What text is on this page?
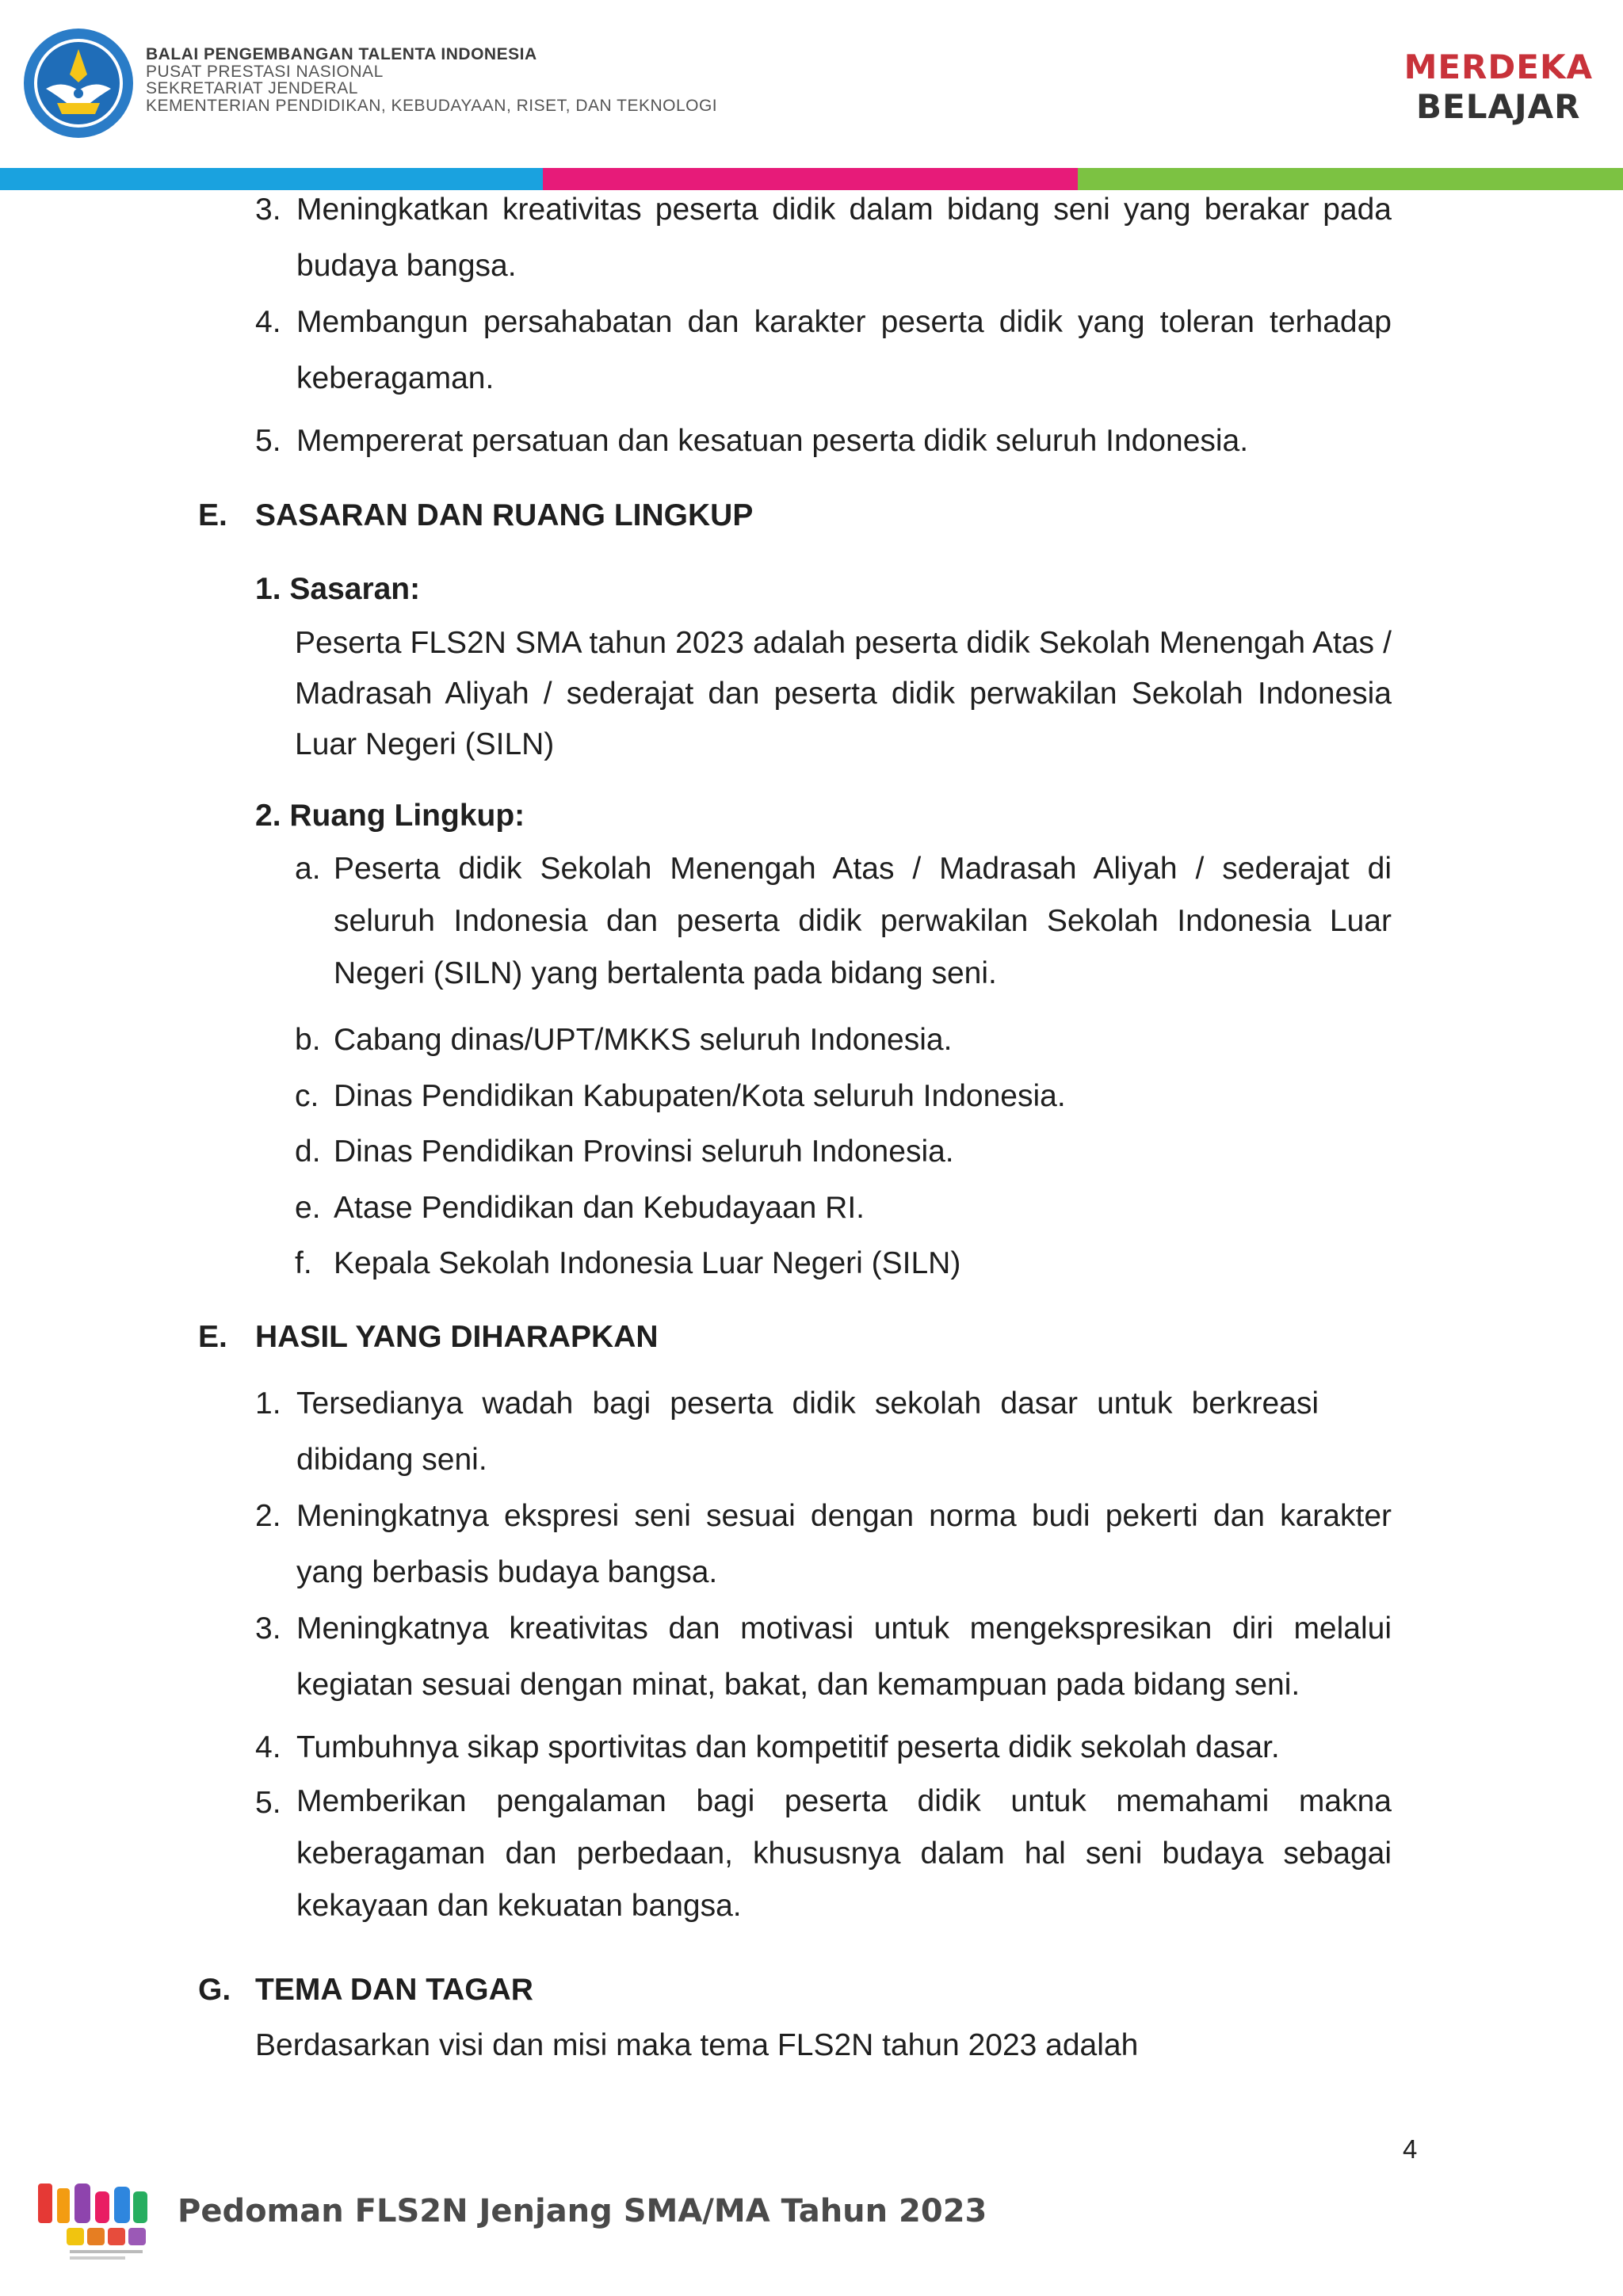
BALAI PENGEMBANGAN TALENTA INDONESIA
PUSAT PRESTASI NASIONAL
SEKRETARIAT JENDERAL
KEMENTERIAN PENDIDIKAN, KEBUDAYAAN, RISET, DAN TEKNOLOGI
MERDEKA
BELAJAR
3. Meningkatkan kreativitas peserta didik dalam bidang seni yang berakar pada budaya bangsa.
4. Membangun persahabatan dan karakter peserta didik yang toleran terhadap keberagaman.
5. Mempererat persatuan dan kesatuan peserta didik seluruh Indonesia.
E. SASARAN DAN RUANG LINGKUP
1. Sasaran:
Peserta FLS2N SMA tahun 2023 adalah peserta didik Sekolah Menengah Atas / Madrasah Aliyah / sederajat dan peserta didik perwakilan Sekolah Indonesia Luar Negeri (SILN)
2. Ruang Lingkup:
a. Peserta didik Sekolah Menengah Atas / Madrasah Aliyah / sederajat di seluruh Indonesia dan peserta didik perwakilan Sekolah Indonesia Luar Negeri (SILN) yang bertalenta pada bidang seni.
b. Cabang dinas/UPT/MKKS seluruh Indonesia.
c. Dinas Pendidikan Kabupaten/Kota seluruh Indonesia.
d. Dinas Pendidikan Provinsi seluruh Indonesia.
e. Atase Pendidikan dan Kebudayaan RI.
f. Kepala Sekolah Indonesia Luar Negeri (SILN)
E. HASIL YANG DIHARAPKAN
1. Tersedianya wadah bagi peserta didik sekolah dasar untuk berkreasi dibidang seni.
2. Meningkatnya ekspresi seni sesuai dengan norma budi pekerti dan karakter yang berbasis budaya bangsa.
3. Meningkatnya kreativitas dan motivasi untuk mengekspresikan diri melalui kegiatan sesuai dengan minat, bakat, dan kemampuan pada bidang seni.
4. Tumbuhnya sikap sportivitas dan kompetitif peserta didik sekolah dasar.
5. Memberikan pengalaman bagi peserta didik untuk memahami makna keberagaman dan perbedaan, khususnya dalam hal seni budaya sebagai kekayaan dan kekuatan bangsa.
G. TEMA DAN TAGAR
Berdasarkan visi dan misi maka tema FLS2N tahun 2023 adalah
4
Pedoman FLS2N Jenjang SMA/MA Tahun 2023
